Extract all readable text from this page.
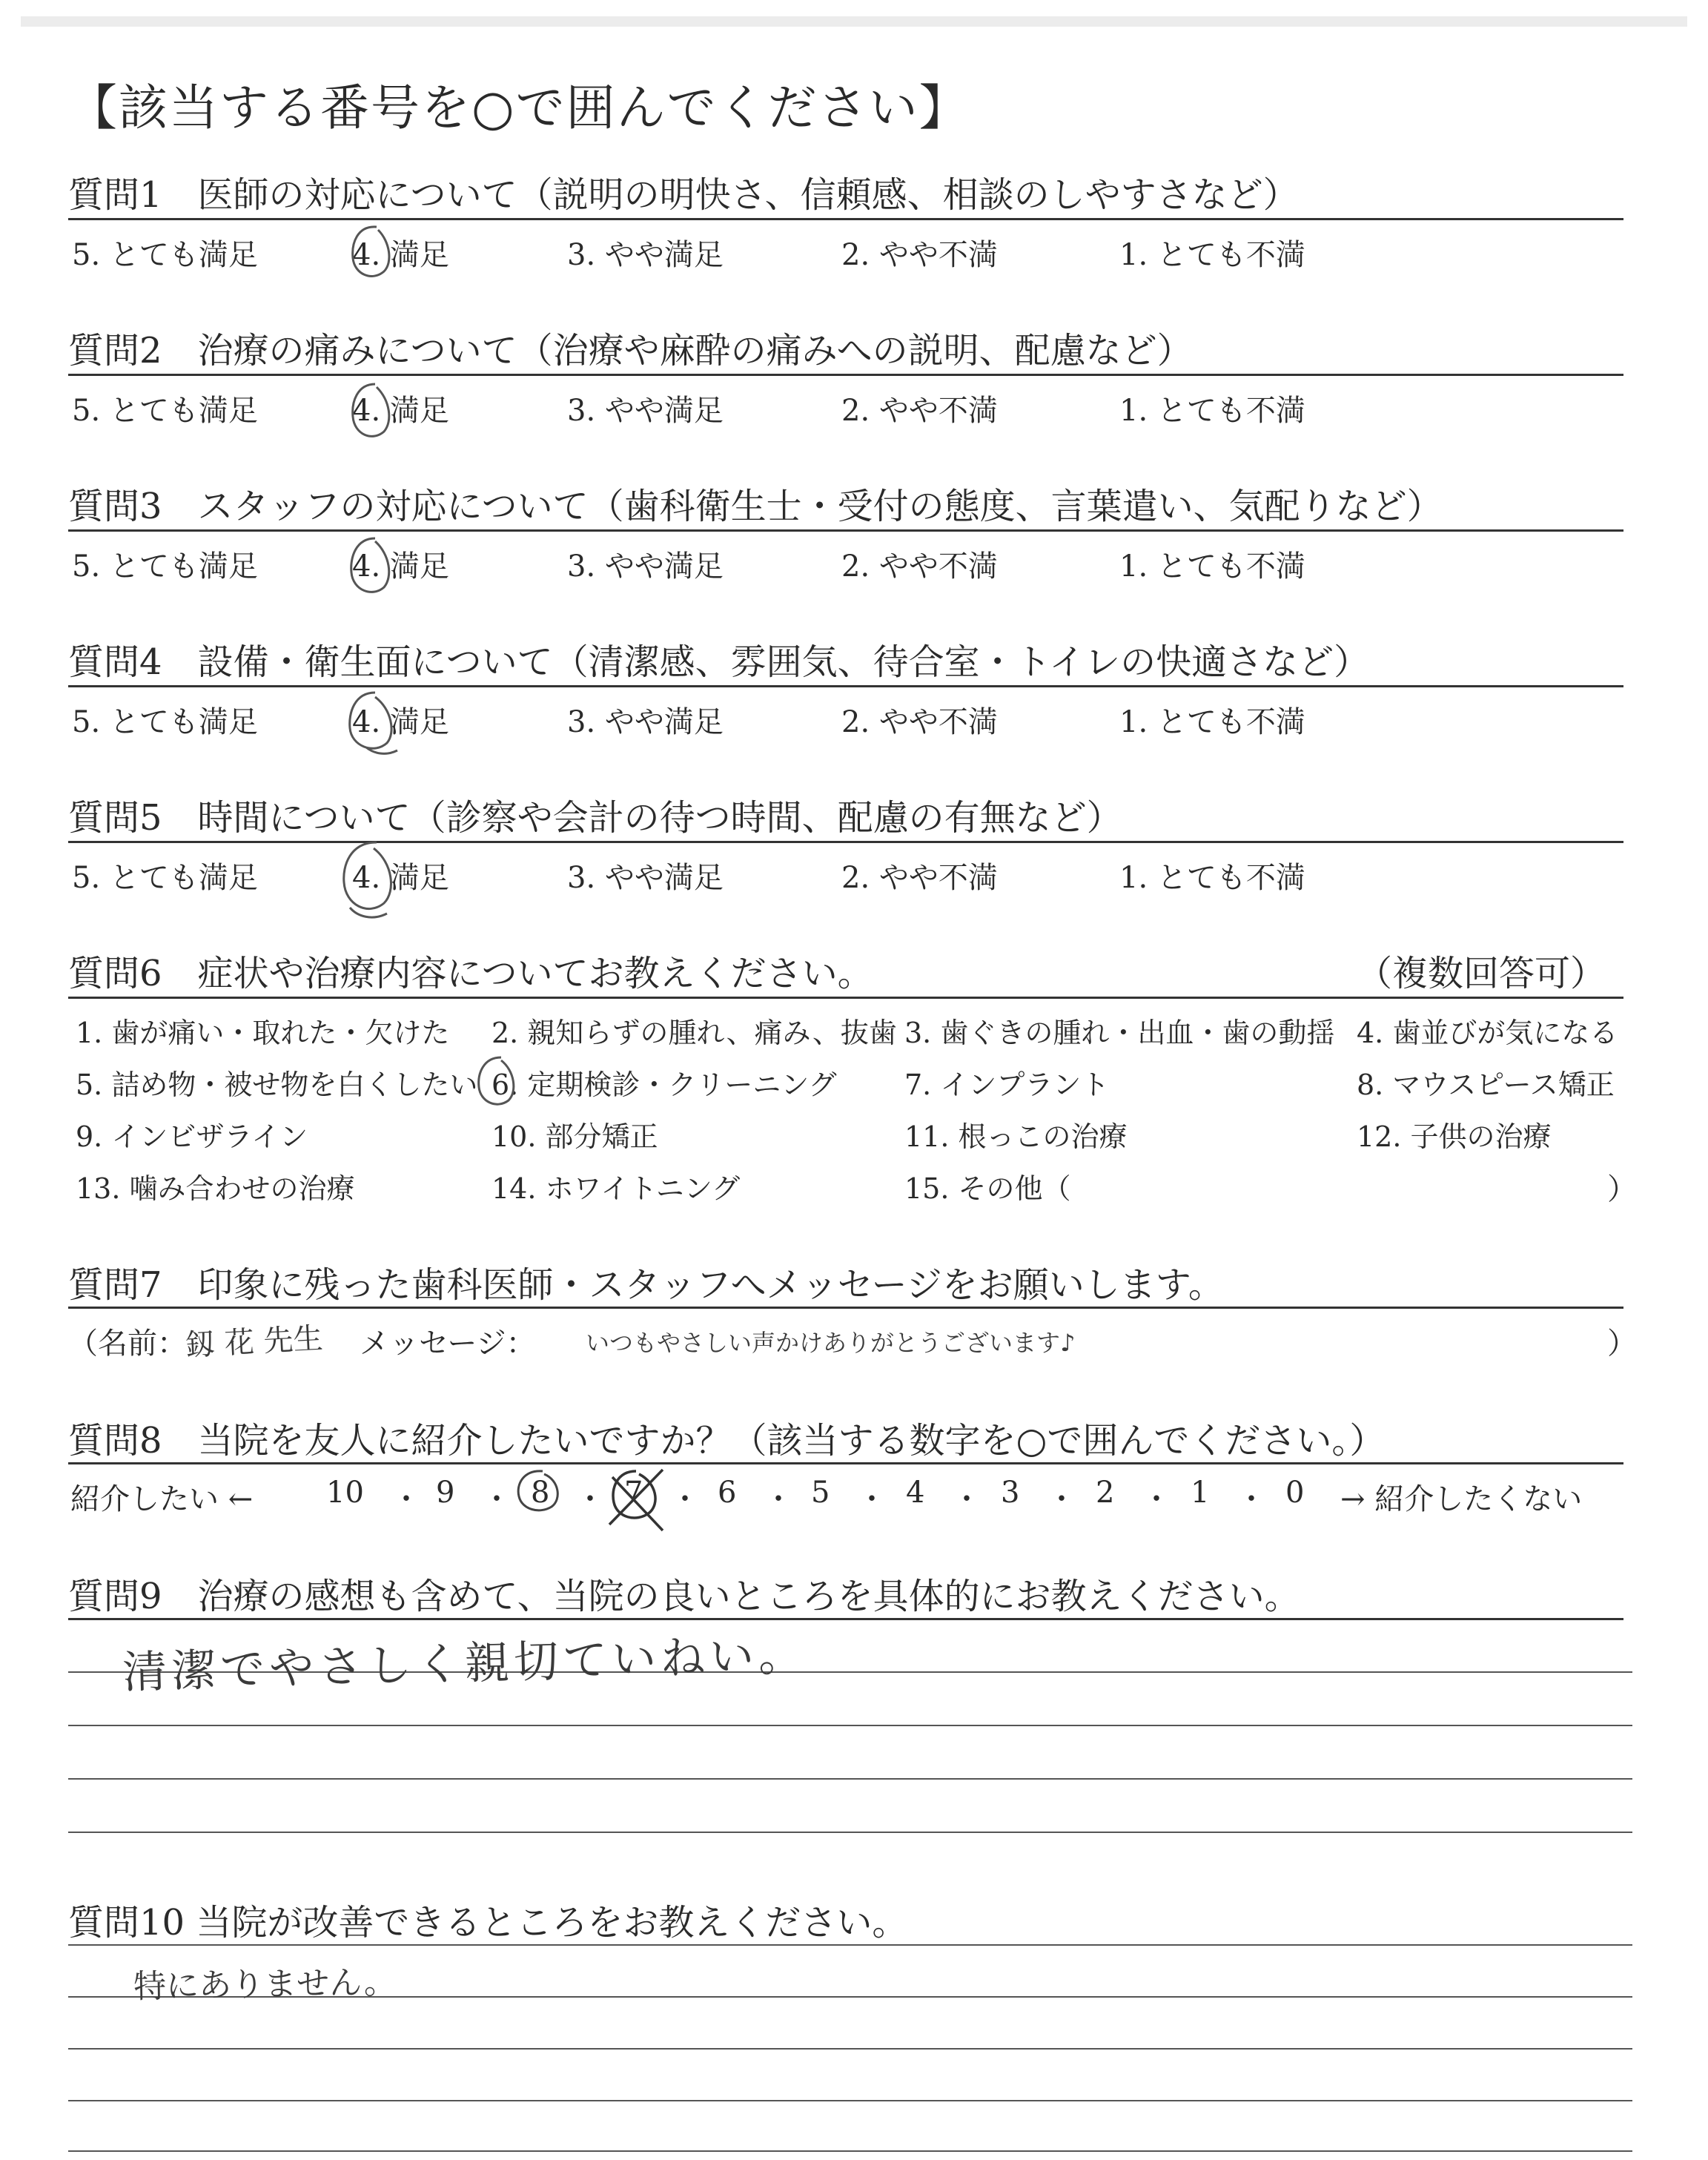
【該当する番号を○で囲んでください】
質問1　医師の対応について（説明の明快さ、信頼感、相談のしやすさなど）
5. とても満足	4. 満足	3. やや満足	2. やや不満	1. とても不満
質問2　治療の痛みについて（治療や麻酔の痛みへの説明、配慮など）
5. とても満足	4. 満足	3. やや満足	2. やや不満	1. とても不満
質問3　スタッフの対応について（歯科衛生士・受付の態度、言葉遣い、気配りなど）
5. とても満足	4. 満足	3. やや満足	2. やや不満	1. とても不満
質問4　設備・衛生面について（清潔感、雰囲気、待合室・トイレの快適さなど）
5. とても満足	4. 満足	3. やや満足	2. やや不満	1. とても不満
質問5　時間について（診察や会計の待つ時間、配慮の有無など）
5. とても満足	4. 満足	3. やや満足	2. やや不満	1. とても不満
質問6　症状や治療内容についてお教えください。	（複数回答可）
1. 歯が痛い・取れた・欠けた 2. 親知らずの腫れ、痛み、抜歯 3. 歯ぐきの腫れ・出血・歯の動揺 4. 歯並びが気になる
5. 詰め物・被せ物を白くしたい 6. 定期検診・クリーニング 7. インプラント	8. マウスピース矯正
9. インビザライン	10. 部分矯正	11. 根っこの治療	12. 子供の治療
13. 噛み合わせの治療	14. ホワイトニング	15. その他（	）
質問7　印象に残った歯科医師・スタッフへメッセージをお願いします。
（名前：
釼 花 先生 メッセージ： いつもやさしい声かけありがとうございます♪	）
質問8　当院を友人に紹介したいですか？（該当する数字を○で囲んでください。）
紹介したい ← 10 ・ 9 ・ 8 ・ 7 ・ 6 ・ 5 ・ 4 ・ 3 ・ 2 ・ 1 ・ 0 → 紹介したくない
質問9　治療の感想も含めて、当院の良いところを具体的にお教えください。
清潔でやさしく親切ていねい。
質問10 当院が改善できるところをお教えください。
特にありません。
